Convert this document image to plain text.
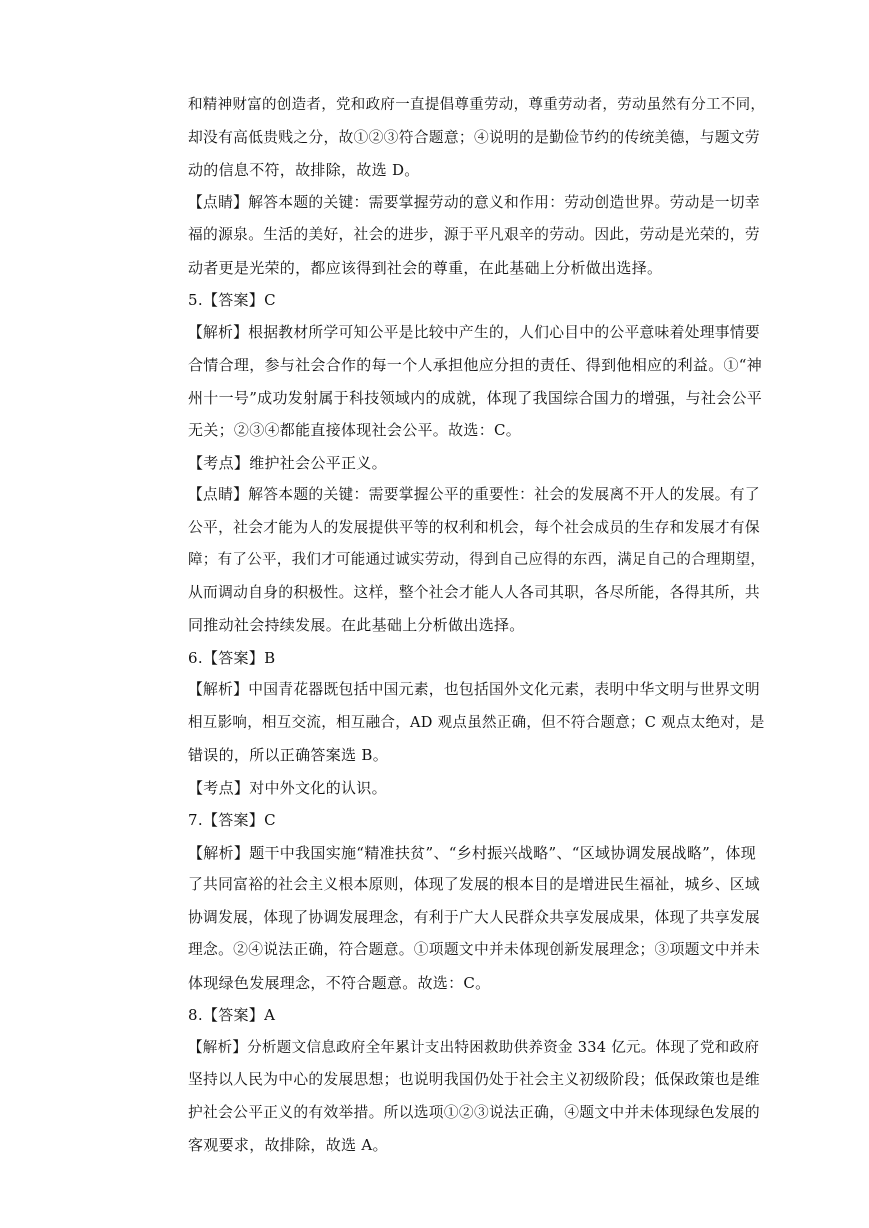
和精神财富的创造者，党和政府一直提倡尊重劳动，尊重劳动者，劳动虽然有分工不同，
却没有高低贵贱之分，故①②③符合题意；④说明的是勤俭节约的传统美德，与题文劳
动的信息不符，故排除，故选 D。

【点睛】解答本题的关键：需要掌握劳动的意义和作用：劳动创造世界。劳动是一切幸
福的源泉。生活的美好，社会的进步，源于平凡艰辛的劳动。因此，劳动是光荣的，劳
动者更是光荣的，都应该得到社会的尊重，在此基础上分析做出选择。

5.【答案】C

【解析】根据教材所学可知公平是比较中产生的，人们心目中的公平意味着处理事情要
合情合理，参与社会合作的每一个人承担他应分担的责任、得到他相应的利益。①“神
州十一号”成功发射属于科技领域内的成就，体现了我国综合国力的增强，与社会公平
无关；②③④都能直接体现社会公平。故选：C。

【考点】维护社会公平正义。

【点睛】解答本题的关键：需要掌握公平的重要性：社会的发展离不开人的发展。有了
公平，社会才能为人的发展提供平等的权利和机会，每个社会成员的生存和发展才有保
障；有了公平，我们才可能通过诚实劳动，得到自己应得的东西，满足自己的合理期望，
从而调动自身的积极性。这样，整个社会才能人人各司其职，各尽所能，各得其所，共
同推动社会持续发展。在此基础上分析做出选择。

6.【答案】B

【解析】中国青花器既包括中国元素，也包括国外文化元素，表明中华文明与世界文明
相互影响，相互交流，相互融合，AD 观点虽然正确，但不符合题意；C 观点太绝对，是
错误的，所以正确答案选 B。

【考点】对中外文化的认识。

7.【答案】C

【解析】题干中我国实施“精准扶贫”、“乡村振兴战略”、“区域协调发展战略”，体现
了共同富裕的社会主义根本原则，体现了发展的根本目的是增进民生福祉，城乡、区域
协调发展，体现了协调发展理念，有利于广大人民群众共享发展成果，体现了共享发展
理念。②④说法正确，符合题意。①项题文中并未体现创新发展理念；③项题文中并未
体现绿色发展理念，不符合题意。故选：C。

8.【答案】A

【解析】分析题文信息政府全年累计支出特困救助供养资金 334 亿元。体现了党和政府
坚持以人民为中心的发展思想；也说明我国仍处于社会主义初级阶段；低保政策也是维
护社会公平正义的有效举措。所以选项①②③说法正确，④题文中并未体现绿色发展的
客观要求，故排除，故选 A。
